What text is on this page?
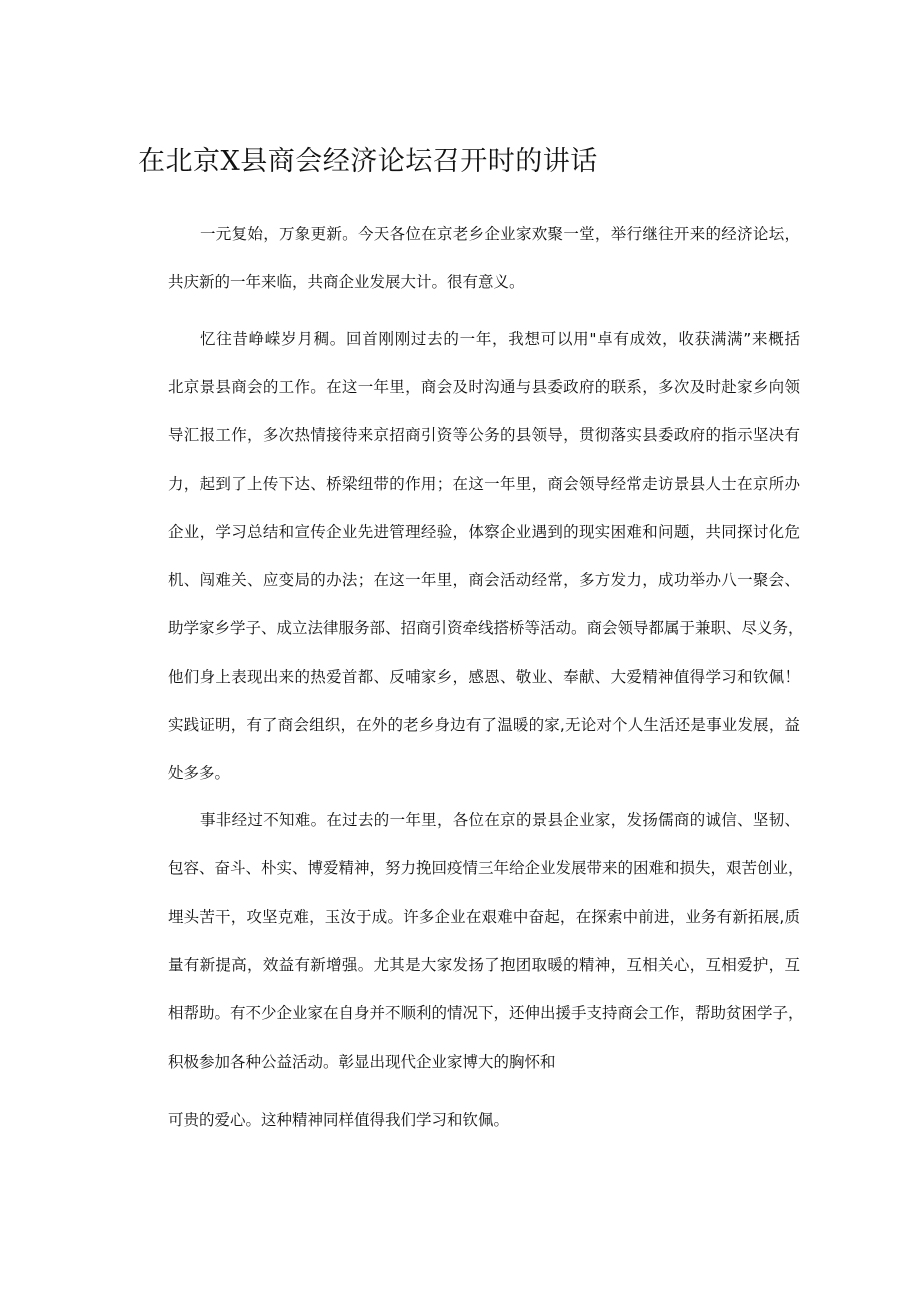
在北京X县商会经济论坛召开时的讲话
一元复始，万象更新。今天各位在京老乡企业家欢聚一堂，举行继往开来的经济论坛，
共庆新的一年来临，共商企业发展大计。很有意义。
忆往昔峥嵘岁月稠。回首刚刚过去的一年，我想可以用"卓有成效，收获满满”来概括
北京景县商会的工作。在这一年里，商会及时沟通与县委政府的联系，多次及时赴家乡向领
导汇报工作，多次热情接待来京招商引资等公务的县领导，贯彻落实县委政府的指示坚决有
力，起到了上传下达、桥梁纽带的作用；在这一年里，商会领导经常走访景县人士在京所办
企业，学习总结和宣传企业先进管理经验，体察企业遇到的现实困难和问题，共同探讨化危
机、闯难关、应变局的办法；在这一年里，商会活动经常，多方发力，成功举办八一聚会、
助学家乡学子、成立法律服务部、招商引资牵线搭桥等活动。商会领导都属于兼职、尽义务，
他们身上表现出来的热爱首都、反哺家乡，感恩、敬业、奉献、大爱精神值得学习和钦佩！
实践证明，有了商会组织，在外的老乡身边有了温暖的家,无论对个人生活还是事业发展，益
处多多。
事非经过不知难。在过去的一年里，各位在京的景县企业家，发扬儒商的诚信、坚韧、
包容、奋斗、朴实、博爱精神，努力挽回疫情三年给企业发展带来的困难和损失，艰苦创业，
埋头苦干，攻坚克难，玉汝于成。许多企业在艰难中奋起，在探索中前进，业务有新拓展,质
量有新提高，效益有新增强。尤其是大家发扬了抱团取暖的精神，互相关心，互相爱护，互
相帮助。有不少企业家在自身并不顺利的情况下，还伸出援手支持商会工作，帮助贫困学子，
积极参加各种公益活动。彰显出现代企业家博大的胸怀和
可贵的爱心。这种精神同样值得我们学习和钦佩。
